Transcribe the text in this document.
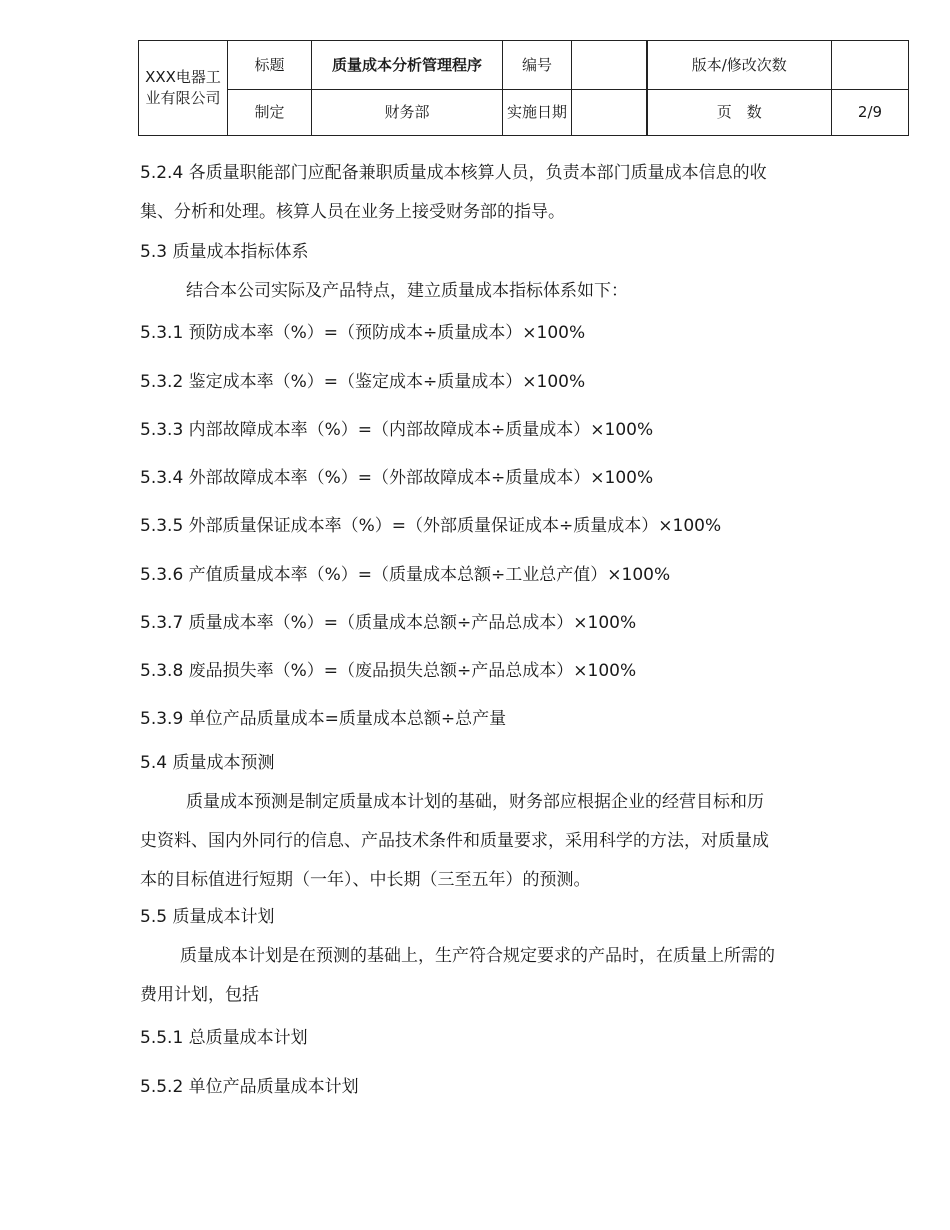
XXX电器工业有限公司	标题	质量成本分析管理程序	编号		版本/修改次数	
	制定	财务部	实施日期		页　数	2/9
5.2.4 各质量职能部门应配备兼职质量成本核算人员，负责本部门质量成本信息的收
集、分析和处理。核算人员在业务上接受财务部的指导。
5.3 质量成本指标体系
结合本公司实际及产品特点，建立质量成本指标体系如下：
5.3.1 预防成本率（%）=（预防成本÷质量成本）×100%
5.3.2 鉴定成本率（%）=（鉴定成本÷质量成本）×100%
5.3.3 内部故障成本率（%）=（内部故障成本÷质量成本）×100%
5.3.4 外部故障成本率（%）=（外部故障成本÷质量成本）×100%
5.3.5 外部质量保证成本率（%）=（外部质量保证成本÷质量成本）×100%
5.3.6 产值质量成本率（%）=（质量成本总额÷工业总产值）×100%
5.3.7 质量成本率（%）=（质量成本总额÷产品总成本）×100%
5.3.8 废品损失率（%）=（废品损失总额÷产品总成本）×100%
5.3.9 单位产品质量成本=质量成本总额÷总产量
5.4 质量成本预测
质量成本预测是制定质量成本计划的基础，财务部应根据企业的经营目标和历
史资料、国内外同行的信息、产品技术条件和质量要求，采用科学的方法，对质量成
本的目标值进行短期（一年）、中长期（三至五年）的预测。
5.5 质量成本计划
质量成本计划是在预测的基础上，生产符合规定要求的产品时，在质量上所需的
费用计划，包括
5.5.1 总质量成本计划
5.5.2 单位产品质量成本计划
